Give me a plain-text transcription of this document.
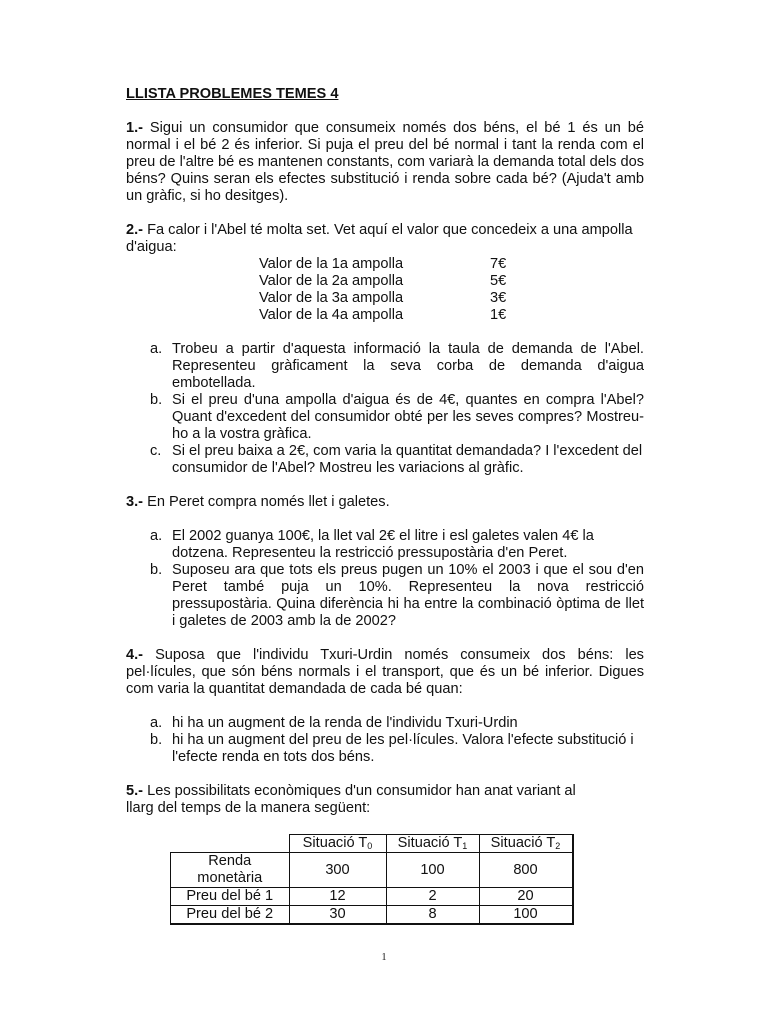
LLISTA PROBLEMES TEMES 4
1.- Sigui un consumidor que consumeix només dos béns, el bé 1 és un bé normal i el bé 2 és inferior. Si puja el preu del bé normal i tant la renda com el preu de l'altre bé es mantenen constants, com variarà la demanda total dels dos béns? Quins seran els efectes substitució i renda sobre cada bé? (Ajuda't amb un gràfic, si ho desitges).
2.- Fa calor i l'Abel té molta set. Vet aquí el valor que concedeix a una ampolla d'aigua:
Valor de la 1a ampolla	7€
Valor de la 2a ampolla	5€
Valor de la 3a ampolla	3€
Valor de la 4a ampolla	1€
a. Trobeu a partir d'aquesta informació la taula de demanda de l'Abel. Representeu gràficament la seva corba de demanda d'aigua embotellada.
b. Si el preu d'una ampolla d'aigua és de 4€, quantes en compra l'Abel? Quant d'excedent del consumidor obté per les seves compres? Mostreu-ho a la vostra gràfica.
c. Si el preu baixa a 2€, com varia la quantitat demandada? I l'excedent del consumidor de l'Abel? Mostreu les variacions al gràfic.
3.- En Peret compra només llet i galetes.
a. El 2002 guanya 100€, la llet val 2€ el litre i esl galetes valen 4€ la dotzena. Representeu la restricció pressupostària d'en Peret.
b. Suposeu ara que tots els preus pugen un 10% el 2003 i que el sou d'en Peret també puja un 10%. Representeu la nova restricció pressupostària. Quina diferència hi ha entre la combinació òptima de llet i galetes de 2003 amb la de 2002?
4.- Suposa que l'individu Txuri-Urdin només consumeix dos béns: les pel·lícules, que són béns normals i el transport, que és un bé inferior. Digues com varia la quantitat demandada de cada bé quan:
a. hi ha un augment de la renda de l'individu Txuri-Urdin
b. hi ha un augment del preu de les pel·lícules. Valora l'efecte substitució i l'efecte renda en tots dos béns.
5.- Les possibilitats econòmiques d'un consumidor han anat variant al llarg del temps de la manera següent:
	Situació $T_0$	Situació $T_1$	Situació $T_2$
Renda monetària	300	100	800
Preu del bé 1	12	2	20
Preu del bé 2	30	8	100
1
